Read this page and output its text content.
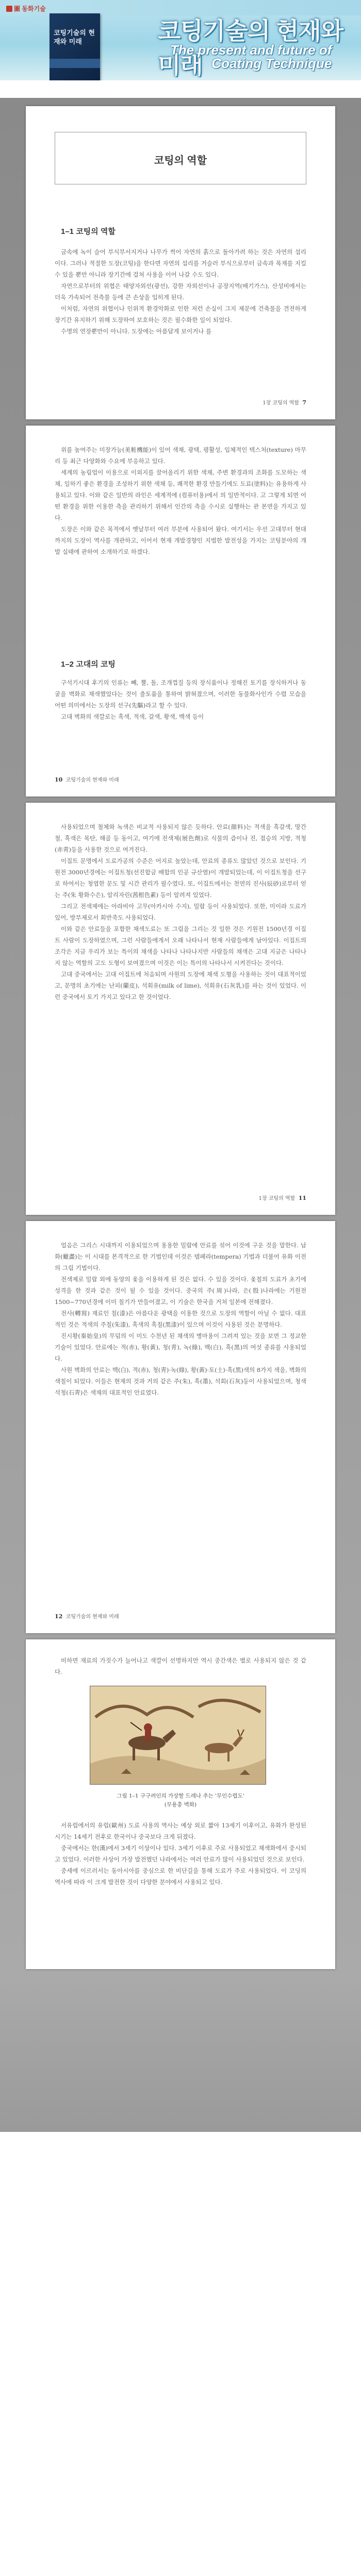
圖 동화기술
코팅기술의 현재와 미래	코팅기술의 현재와 미래
The present and future of
Coating Technique
코팅의 역할
1–1 코팅의 역할

금속에 녹이 슬어 부식부서지거나 나무가 썩어 자연의 흙으로 돌아가려 하는 것은 자연의 섭리이다. 그러나 적절한 도장(코팅)을 한다면 자연의 섭리를 거슬러 부식으로부터 금속과 목재를 지킬 수 있을 뿐만 아니라 장기간에 걸쳐 사용을 이어 나갈 수도 있다.

자연으로부터의 위협은 태양자외선(광선), 강한 자외선이나 공장지역(배기가스), 산성비에서는 더욱 가속되어 전측물 등에 큰 손상을 입히게 된다.

이처럼, 자연의 위협이나 인위적 환경악화로 인한 저런 손실이 그지 제문에 건축물을 견전하게 장기간 유지하기 위해 도장하여 보호하는 것은 필수화한 일이 되었다.

수명의 연장뿐만이 아니다. 도장에는 아름답게 보이거나 를

1장 코팅의 역할 7

위를 높여주는 미장가능(美粧機能)이 있어 색채, 광택, 평활성, 입체적인 텍스처(texture) 마무리 등 최근 다양화와 수요에 부응하고 있다.

세계의 농림업이 이용으로 이외지를 끌어올리기 위한 색채, 주변 환경과의 조화를 도모하는 색채, 일하기 좋은 환경을 조성하기 위한 색채 등, 쾌적한 환경 만들기에도 도료(塗料)는 유용하게 사용되고 있다. 이와 같은 일반의 라인은 세계적에 (컴퓨터용)에서 의 일반적이다. 고 그렇게 되면 어떤 환경을 위한 이용한 측을 관리하기 위해서 인간의 측을 수시로 실행하는 관 본연을 가지고 있다.

도장은 이와 같은 목적에서 옛날부터 여러 부분에 사용되어 왔다. 여기서는 우선 고대부터 현대까지의 도장이 역사를 개관하고, 이어서 현재 개발경향인 지법한 발전성을 가지는 코팅분야의 개발 실태에 관하여 소개하기로 하겠다.

1–2 고대의 코팅

구석기시대 후기의 인류는 빼, 뿔, 돌, 조개껍질 등의 장식품이나 정해진 토기를 장식하거나 동굴을 벽화로 채색했었다는 것이 출토품을 통하여 밝혀졌으며, 이러한 동물화사인가 수렵 모습을 어떤 의미에서는 도장의 선구(先驅)라고 할 수 있다.

고대 벽화의 색깔로는 흑색, 적색, 갈색, 황색, 백색 등이

10 코팅기술의 현재와 미래

사용되었으며 철체와 녹색은 비교적 사용되지 않은 듯하다. 안료(顔料)는 적색을 흑갈색, 망간철, 흑색은 목탄, 해골 등 동이고, 여기에 전색제(展色劑)로 식물의 즙이나 진, 접승의 지방, 적청(赤靑)등을 사용한 것으로 여겨진다.

이집트 문명에서 도료가공의 수준은 어지로 높았는데, 안료의 종류도 많았던 것으로 보인다. 기원전 3000년경에는 이집트청(선진합금 배합의 인공 규산염)이 개발되었는데, 이 이집트청을 선구로 하여서는 청엽한 문도 및 시간 관리가 필수였다. 또, 이집트에서는 천연의 진사(辰砂)로부터 얻는 주(朱 황화수은), 알리자린(茜根色素) 등이 알려져 있었다.

그리고 전색제에는 아라비아 고무(아카시아 수지), 밀랍 등이 사용되었다. 또한, 미이라 도료가 있어, 방부제로서 회반죽도 사용되었다.

이와 같은 안료들을 포함한 채색도료는 또 그림을 그리는 것 일한 것은 기원전 1500년경 이집트 사람이 도장하였으며, 그런 사람들에게서 오래 나타나서 현재 사람들에게 남아있다. 이집트의 조각은 지금 우리가 보는 특이의 채색을 나타나 나타나지만 사람들의 채색은 고대 지금은 나타나지 않는 역할의 고도 도형이 보여졌으며 이것은 이는 특이의 나타나서 시켜진다는 것이다.

고대 중국에서는 고대 이집트에 처음되며 사원의 도장에 채색 도형을 사용하는 것이 대표적이었고, 문명의 초기에는 난피(蘭皮), 석회유(milk of lime), 석회유(石灰乳)를 파는 것이 있었다. 이런 중국에서 토기 가지고 있다고 한 것이었다.

1장 코팅의 역할 11

얼음은 그리스 시대까지 이용되었으며 용용한 밀랍에 안료를 섞어 이것에 구운 것을 말한다. 납화(蠟畵)는 이 시대를 본격적으로 한 기법인데 이것은 템페라(tempera) 기법과 더불어 유화 이전의 그림 기법이다.

전색제로 밀랍 외에 동양의 옻을 이용하게 된 것은 없다. 수 있을 것이다. 옻칠의 도료가 초기에 성격을 한 것과 같은 것이 될 수 있을 것이다. 중국의 주(周)나라, 은(殷)나라에는 기원전 1500~770년경에 이미 칠기가 만들어졌고, 이 기술은 한국을 거쳐 일본에 전해졌다.

전사(轉寫) 재료인 칠(漆)은 아름다운 광택을 이용한 것으로 도장의 역할이 아닐 수 없다. 대표적인 것은 적색의 주칠(朱漆), 흑색의 흑칠(黑漆)이 있으며 이것이 사용된 것은 분명하다.

진시황(秦始皇)의 무덤의 이 미도 수천년 된 채색의 병마용이 그려져 있는 것을 보면 그 정교한 기술이 있었다. 안료에는 적(赤), 황(黃), 청(靑), 녹(綠), 백(白), 흑(黑)의 여섯 종류를 사용되었다.

사원 벽화의 안료는 백(白), 적(赤), 청(靑)·녹(綠), 황(黃)·토(土)·흑(黑)색의 8가지 색을, 벽화의 색칠이 되었다. 이들은 현재의 것과 거의 같은 주(朱), 흑(墨), 석회(石灰)등이 사용되었으며, 청색 석청(石靑)은 색채의 대표적인 안료였다.

12 코팅기술의 현재와 미래

비하면 재료의 가짓수가 늘어나고 색깔이 선명하지만 역시 중간색은 별로 사용되지 않은 것 같다.

그림 1–1 구구려인의 가상할 드레나 추는 '무인수렵도'
(무용총 벽화)

서유럽에서의 유럽(歐州) 도료 사용의 역사는 예상 외로 짧아 13세기 이후이고, 유화가 완성된 시기는 14세기 전후로 한국이나 중국보다 크게 뒤졌다.

중국에서는 한(漢)에서 3세기 이상이나 있다. 3세기 이후로 주로 사용되었고 채색화에서 중시되고 있었다. 이러한 사상이 가장 발전했던 나라에서는 여러 안료가 많이 사용되었던 것으로 보인다.

중세에 이르러서는 동아시아를 중심으로 한 비단길을 통해 도료가 주로 사용되었다. 이 코딩의 역사에 따라 이 크게 발전한 것이 다양한 분야에서 사용되고 있다.
